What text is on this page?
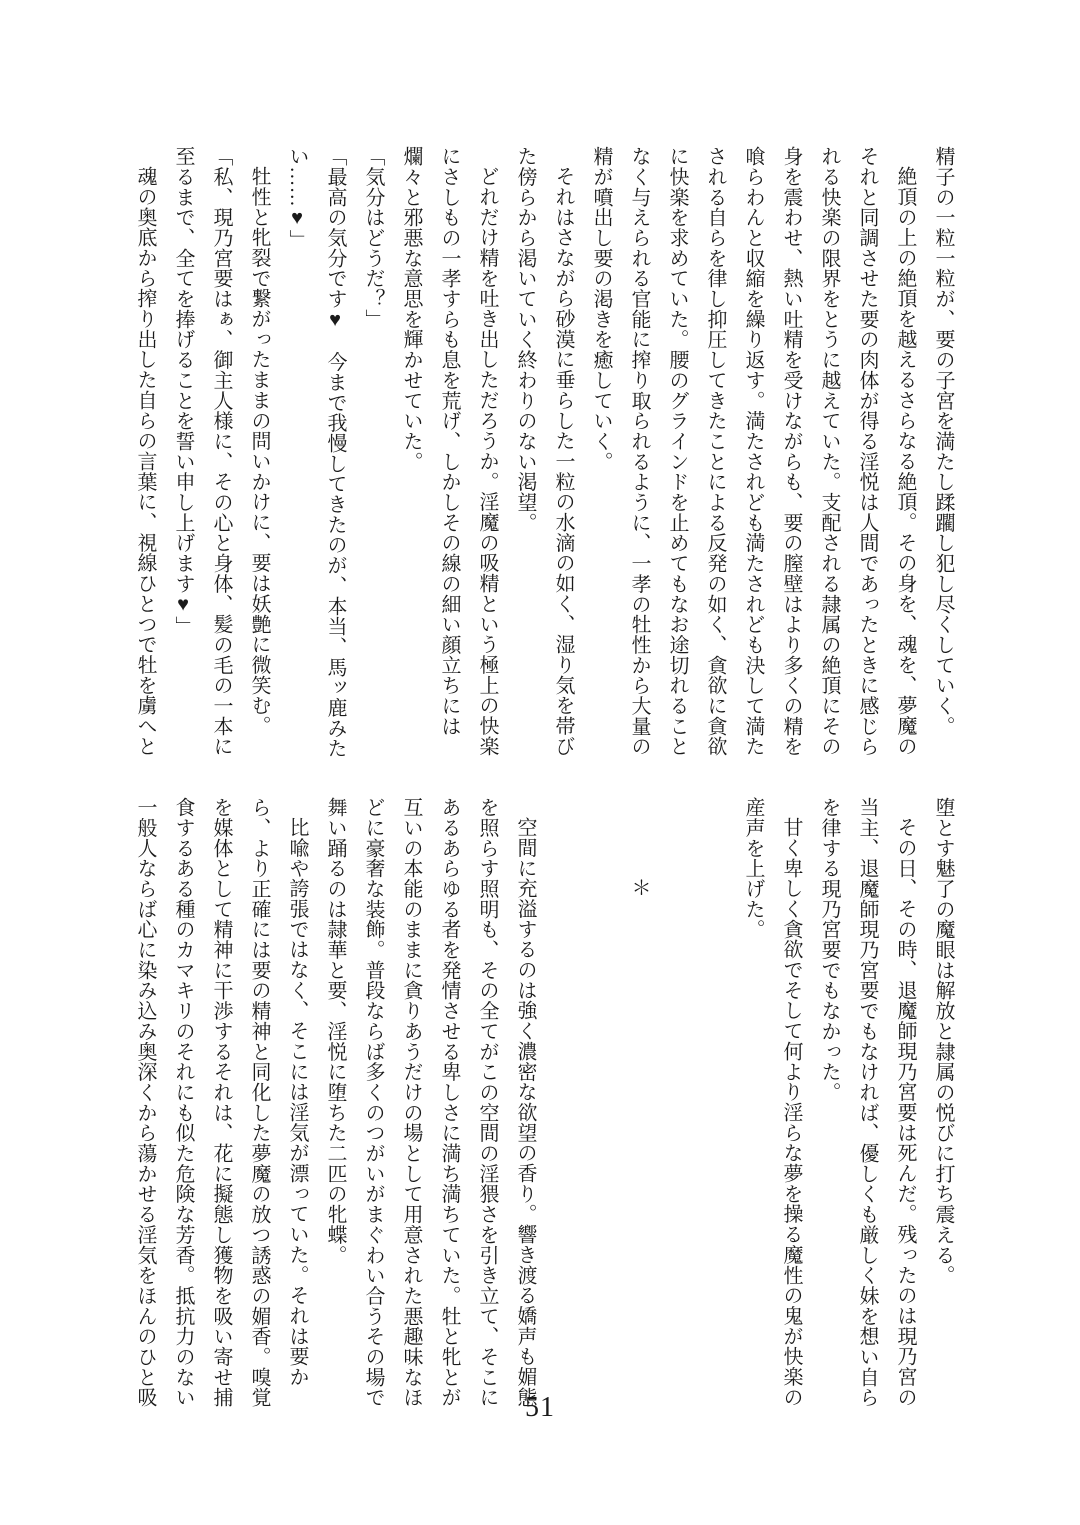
精子の一粒一粒が、要の子宮を満たし蹂躙し犯し尽くしていく。
絶頂の上の絶頂を越えるさらなる絶頂。その身を、魂を、夢魔の
それと同調させた要の肉体が得る淫悦は人間であったときに感じら
れる快楽の限界をとうに越えていた。支配される隷属の絶頂にその
身を震わせ、熱い吐精を受けながらも、要の膣壁はより多くの精を
喰らわんと収縮を繰り返す。満たされども満たされども決して満た
される自らを律し抑圧してきたことによる反発の如く、貪欲に貪欲
に快楽を求めていた。腰のグラインドを止めてもなお途切れること
なく与えられる官能に搾り取られるように、一孝の牡性から大量の
精が噴出し要の渇きを癒していく。
それはさながら砂漠に垂らした一粒の水滴の如く、湿り気を帯び
た傍らから渇いていく終わりのない渇望。
どれだけ精を吐き出しただろうか。淫魔の吸精という極上の快楽
にさしもの一孝すらも息を荒げ、しかしその線の細い顔立ちには
爛々と邪悪な意思を輝かせていた。
「気分はどうだ？」
「最高の気分です♥　今まで我慢してきたのが、本当、馬ッ鹿みた
い……♥」
牡性と牝裂で繋がったままの問いかけに、要は妖艶に微笑む。
「私、現乃宮要はぁ、御主人様に、その心と身体、髪の毛の一本に
至るまで、全てを捧げることを誓い申し上げます♥」
魂の奥底から搾り出した自らの言葉に、視線ひとつで牡を虜へと
堕とす魅了の魔眼は解放と隷属の悦びに打ち震える。
その日、その時、退魔師現乃宮要は死んだ。残ったのは現乃宮の
当主、退魔師現乃宮要でもなければ、優しくも厳しく妹を想い自ら
を律する現乃宮要でもなかった。
甘く卑しく貪欲でそして何より淫らな夢を操る魔性の鬼が快楽の
産声を上げた。

＊

空間に充溢するのは強く濃密な欲望の香り。響き渡る嬌声も媚態
を照らす照明も、その全てがこの空間の淫猥さを引き立て、そこに
あるあらゆる者を発情させる卑しさに満ち満ちていた。牡と牝とが
互いの本能のままに貪りあうだけの場として用意された悪趣味なほ
どに豪奢な装飾。普段ならば多くのつがいがまぐわい合うその場で
舞い踊るのは隷華と要、淫悦に堕ちた二匹の牝蝶。
比喩や誇張ではなく、そこには淫気が漂っていた。それは要か
ら、より正確には要の精神と同化した夢魔の放つ誘惑の媚香。嗅覚
を媒体として精神に干渉するそれは、花に擬態し獲物を吸い寄せ捕
食するある種のカマキリのそれにも似た危険な芳香。抵抗力のない
一般人ならば心に染み込み奥深くから蕩かせる淫気をほんのひと吸	51
